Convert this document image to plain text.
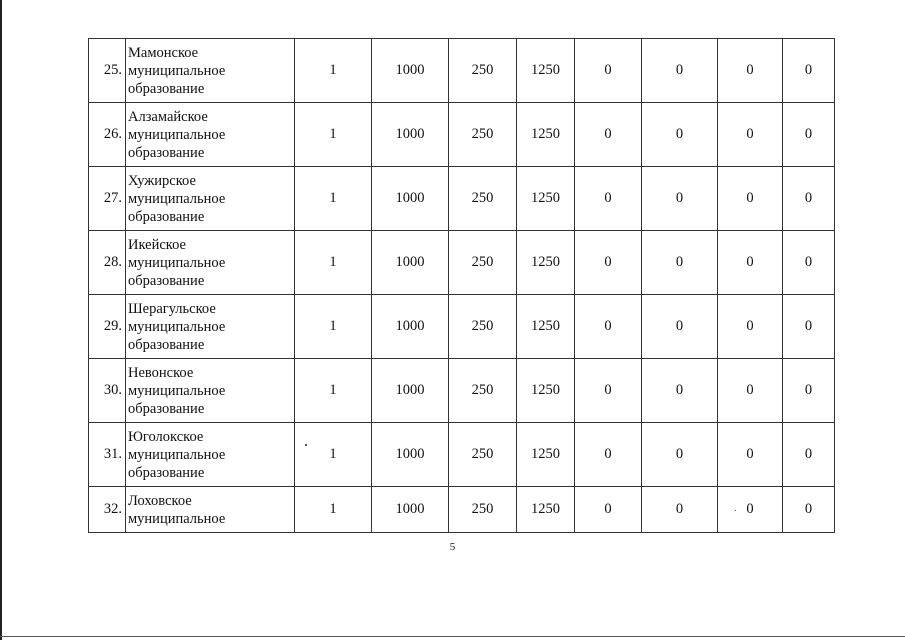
25.	Мамонское
муниципальное
образование	1	1000	250	1250	0	0	0	0
26.	Алзамайское
муниципальное
образование	1	1000	250	1250	0	0	0	0
27.	Хужирское
муниципальное
образование	1	1000	250	1250	0	0	0	0
28.	Икейское
муниципальное
образование	1	1000	250	1250	0	0	0	0
29.	Шерагульское
муниципальное
образование	1	1000	250	1250	0	0	0	0
30.	Невонское
муниципальное
образование	1	1000	250	1250	0	0	0	0
31.	Юголокское
муниципальное
образование	1	1000	250	1250	0	0	0	0
32.	Лоховское
муниципальное	1	1000	250	1250	0	0	0	0
5
